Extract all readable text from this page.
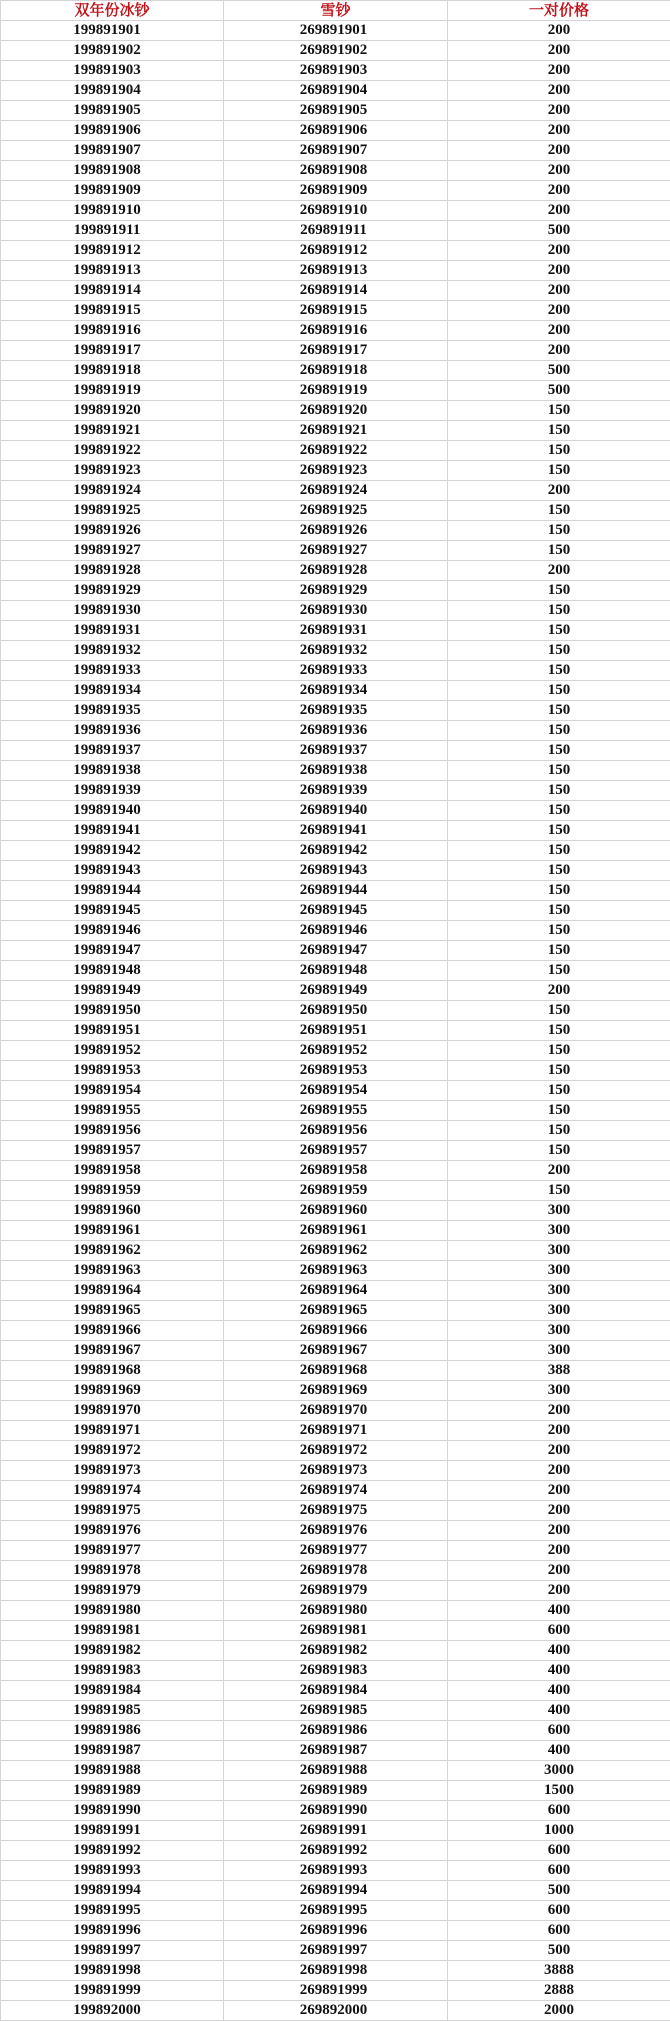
双年份冰钞	雪钞	一对价格
199891901	269891901	200
199891902	269891902	200
199891903	269891903	200
199891904	269891904	200
199891905	269891905	200
199891906	269891906	200
199891907	269891907	200
199891908	269891908	200
199891909	269891909	200
199891910	269891910	200
199891911	269891911	500
199891912	269891912	200
199891913	269891913	200
199891914	269891914	200
199891915	269891915	200
199891916	269891916	200
199891917	269891917	200
199891918	269891918	500
199891919	269891919	500
199891920	269891920	150
199891921	269891921	150
199891922	269891922	150
199891923	269891923	150
199891924	269891924	200
199891925	269891925	150
199891926	269891926	150
199891927	269891927	150
199891928	269891928	200
199891929	269891929	150
199891930	269891930	150
199891931	269891931	150
199891932	269891932	150
199891933	269891933	150
199891934	269891934	150
199891935	269891935	150
199891936	269891936	150
199891937	269891937	150
199891938	269891938	150
199891939	269891939	150
199891940	269891940	150
199891941	269891941	150
199891942	269891942	150
199891943	269891943	150
199891944	269891944	150
199891945	269891945	150
199891946	269891946	150
199891947	269891947	150
199891948	269891948	150
199891949	269891949	200
199891950	269891950	150
199891951	269891951	150
199891952	269891952	150
199891953	269891953	150
199891954	269891954	150
199891955	269891955	150
199891956	269891956	150
199891957	269891957	150
199891958	269891958	200
199891959	269891959	150
199891960	269891960	300
199891961	269891961	300
199891962	269891962	300
199891963	269891963	300
199891964	269891964	300
199891965	269891965	300
199891966	269891966	300
199891967	269891967	300
199891968	269891968	388
199891969	269891969	300
199891970	269891970	200
199891971	269891971	200
199891972	269891972	200
199891973	269891973	200
199891974	269891974	200
199891975	269891975	200
199891976	269891976	200
199891977	269891977	200
199891978	269891978	200
199891979	269891979	200
199891980	269891980	400
199891981	269891981	600
199891982	269891982	400
199891983	269891983	400
199891984	269891984	400
199891985	269891985	400
199891986	269891986	600
199891987	269891987	400
199891988	269891988	3000
199891989	269891989	1500
199891990	269891990	600
199891991	269891991	1000
199891992	269891992	600
199891993	269891993	600
199891994	269891994	500
199891995	269891995	600
199891996	269891996	600
199891997	269891997	500
199891998	269891998	3888
199891999	269891999	2888
199892000	269892000	2000
